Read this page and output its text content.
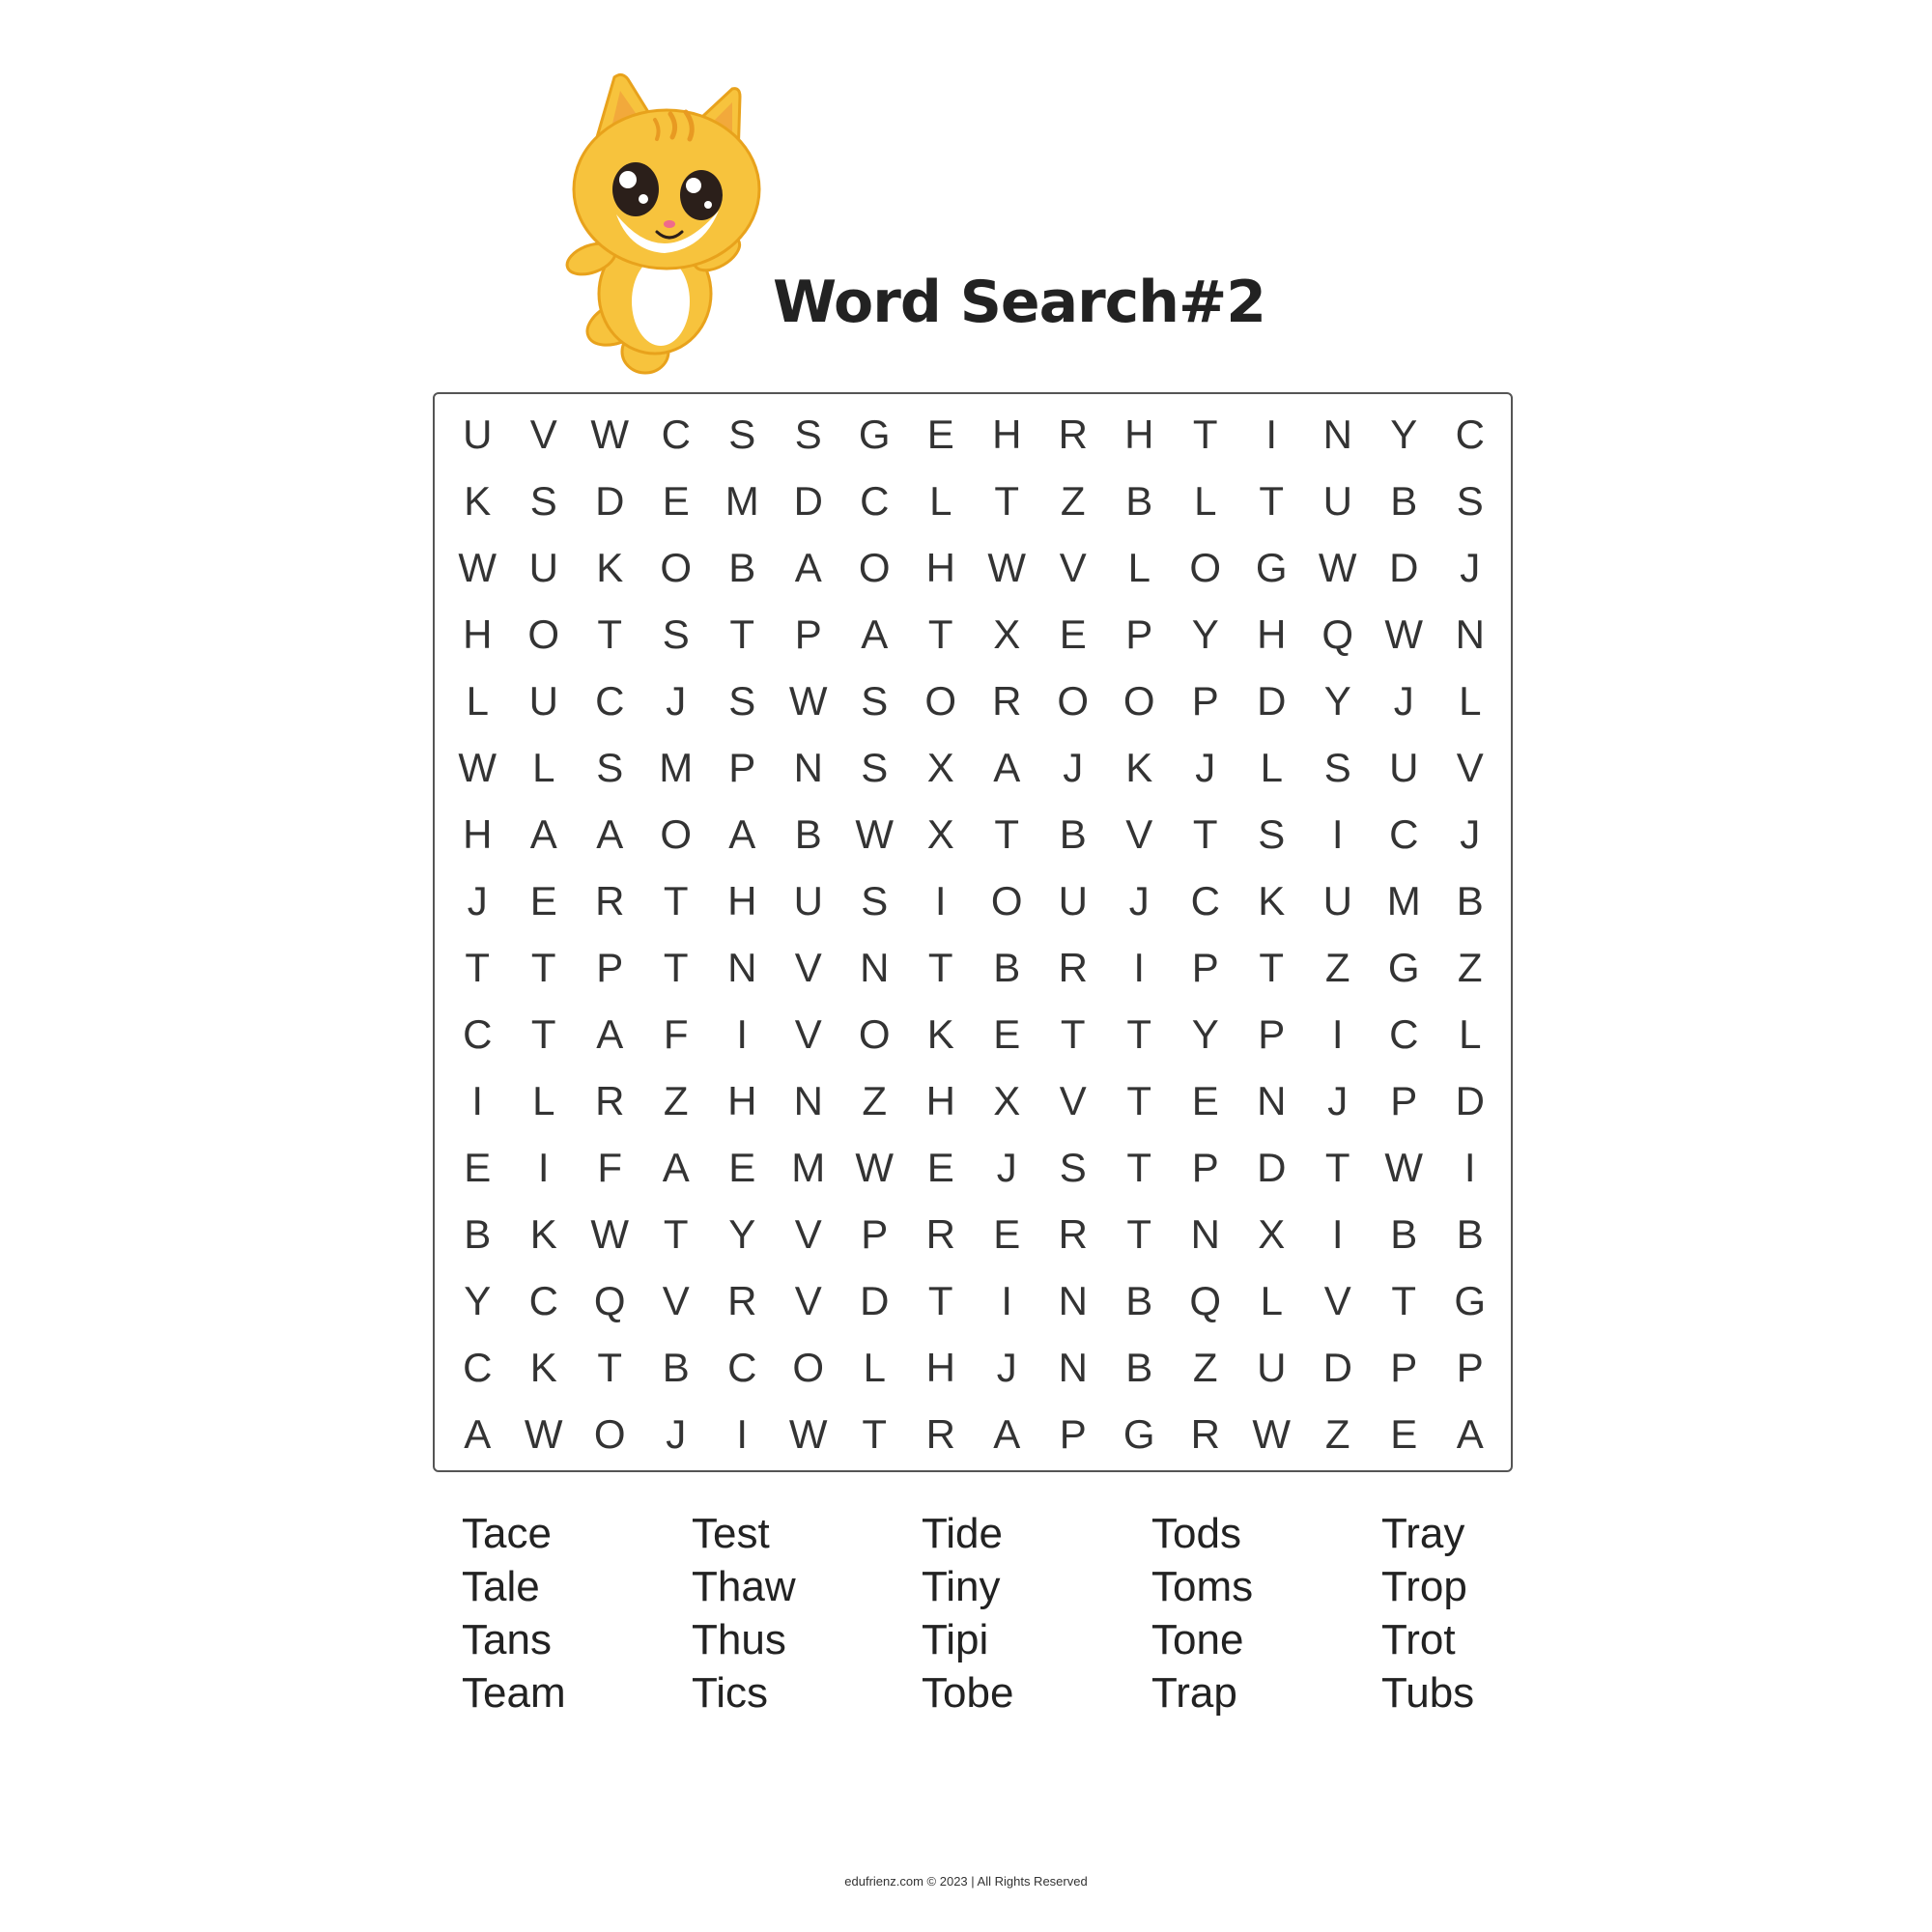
Word Search#2
U V W C S S G E H R H T	I	N Y C
K S D E M D C L	T	Z B	L	T U B S
W U K O B A O H W V	L O G W D	J
H O T S T P A T X E P Y H Q W N
L U C	J	S W S O R O O P D Y	J	L
W L	S M P N S X A	J	K	J	L	S U V
H A A O A B W X T B V T S	I	C	J
J	E R T H U S	I	O U	J	C K U M B
T	T P T N V N T B R	I	P T	Z G Z
C T A F	I	V O K E T	T Y P	I	C L
I	L R Z H N Z H X V T E N	J	P D
E	I	F A E M W E	J	S T P D T W	I
B K W T Y V P R E R T N X	I	B B
Y C Q V R V D T	I	N B Q L	V T G
C K T B C O L H	J	N B Z U D P P
A W O J	I	W T R A P G R W Z E A
Tace
Tale
Tans
Team
Test
Thaw
Thus
Tics
Tide
Tiny
Tipi
Tobe
Tods
Toms
Tone
Trap
Tray
Trop
Trot
Tubs
edufrienz.com © 2023 | All Rights Reserved
